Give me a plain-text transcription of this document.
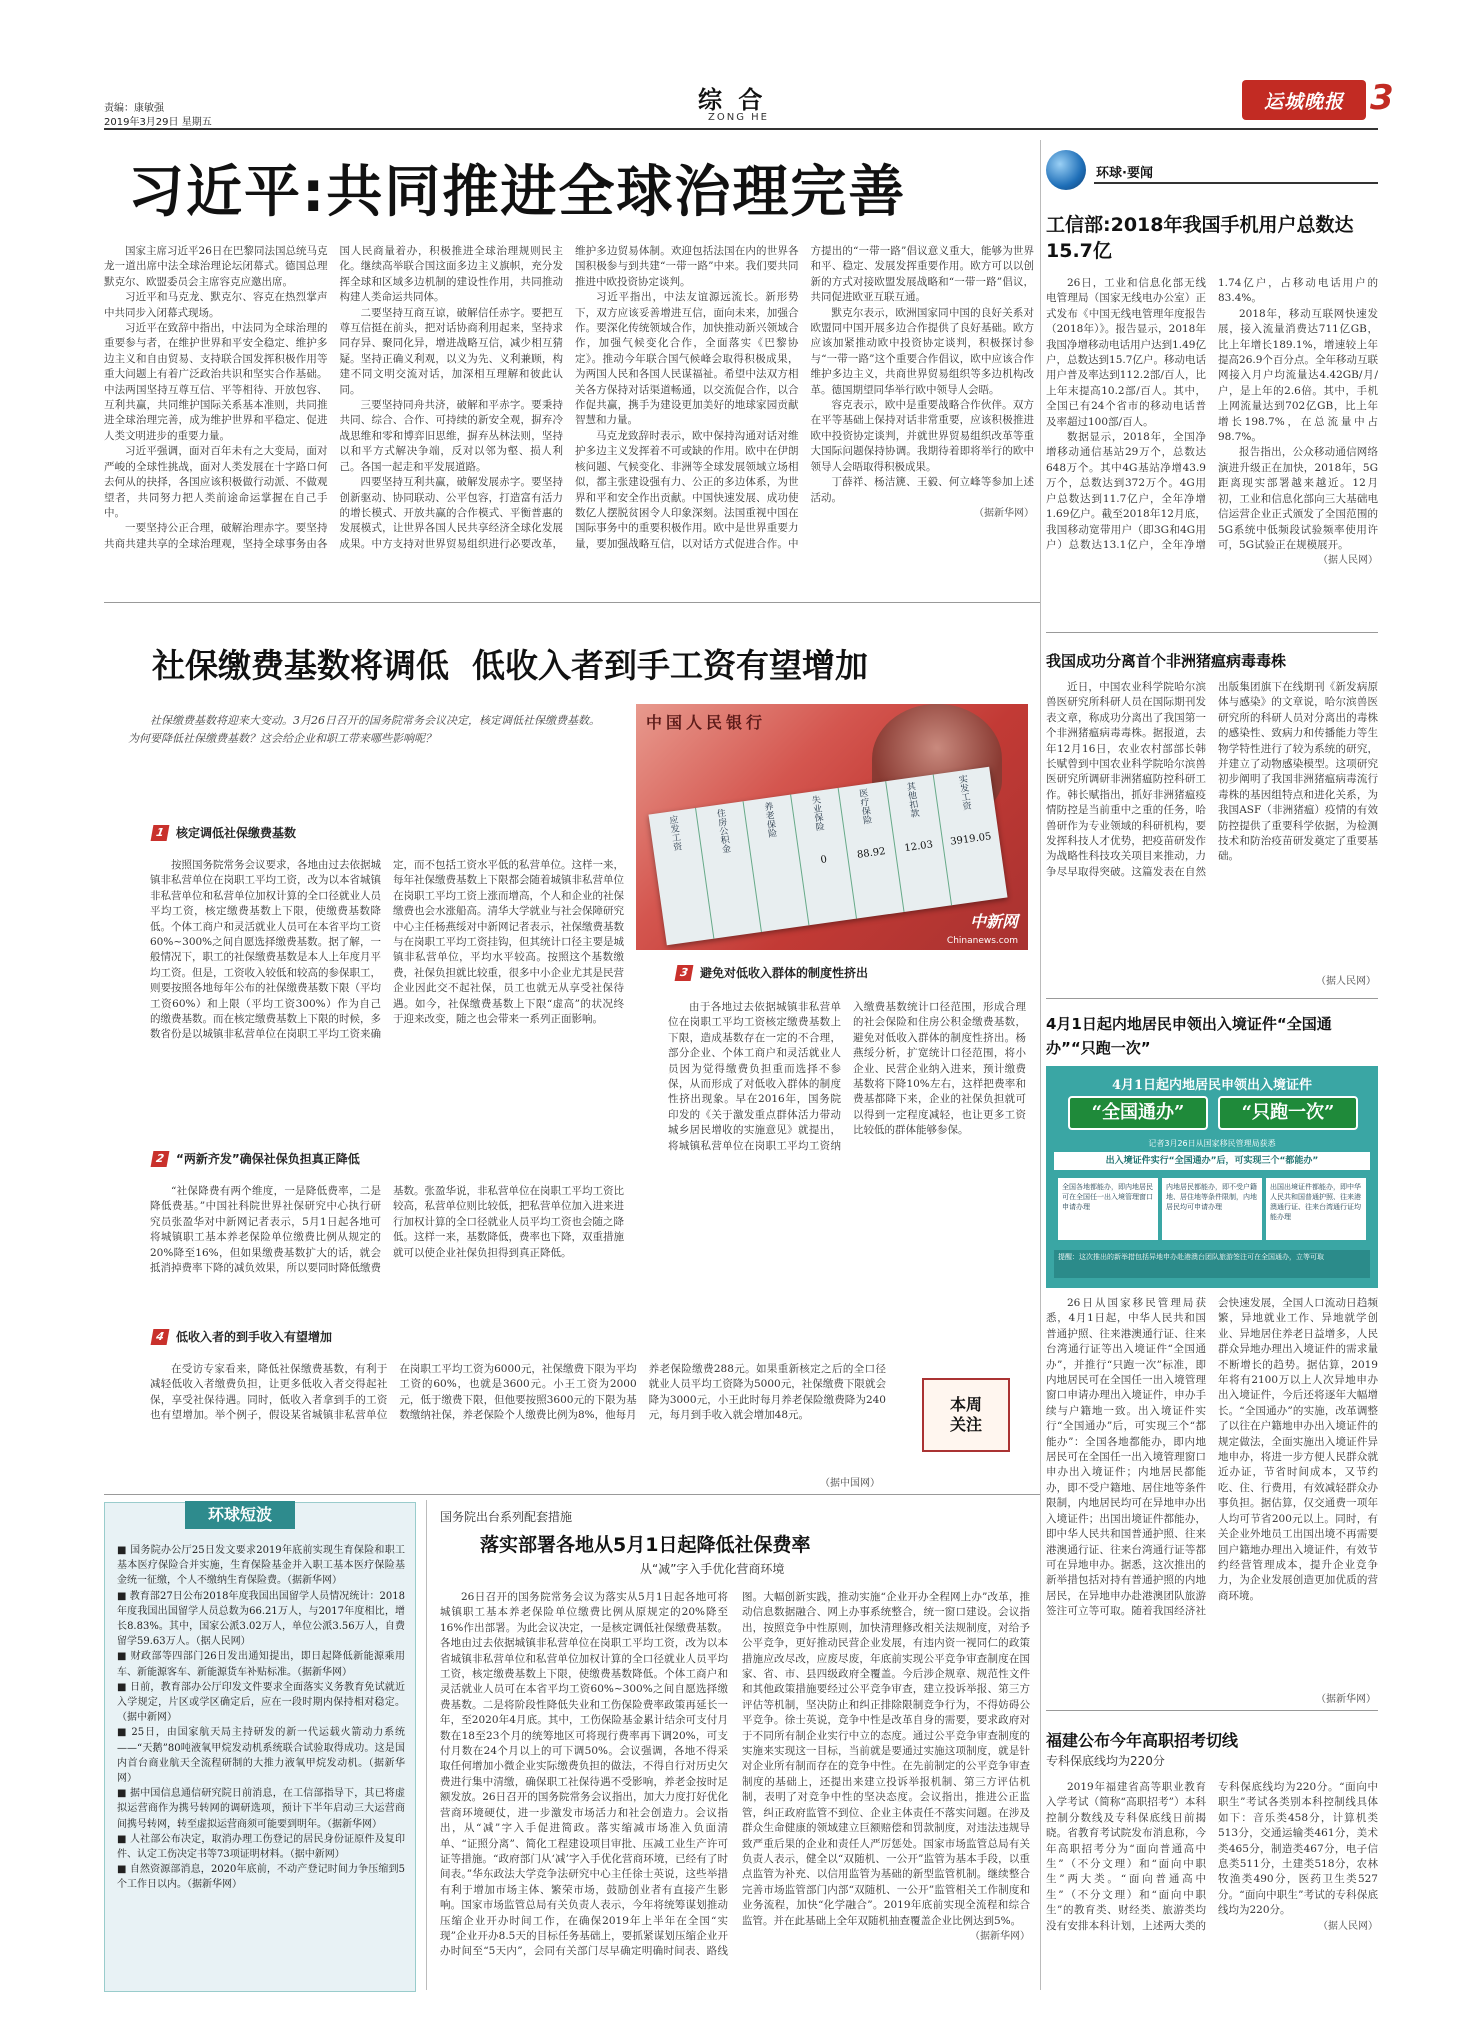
责编：康敏强
2019年3月29日 星期五
综 合
ZONG HE
运城晚报 3
习近平:共同推进全球治理完善

国家主席习近平26日在巴黎同法国总统马克龙一道出席中法全球治理论坛闭幕式。德国总理默克尔、欧盟委员会主席容克应邀出席。

习近平和马克龙、默克尔、容克在热烈掌声中共同步入闭幕式现场。

习近平在致辞中指出，中法同为全球治理的重要参与者，在维护世界和平安全稳定、维护多边主义和自由贸易、支持联合国发挥积极作用等重大问题上有着广泛政治共识和坚实合作基础。中法两国坚持互尊互信、平等相待、开放包容、互利共赢，共同维护国际关系基本准则，共同推进全球治理完善，成为维护世界和平稳定、促进人类文明进步的重要力量。

习近平强调，面对百年未有之大变局，面对严峻的全球性挑战，面对人类发展在十字路口何去何从的抉择，各国应该积极做行动派、不做观望者，共同努力把人类前途命运掌握在自己手中。

一要坚持公正合理，破解治理赤字。要坚持共商共建共享的全球治理观，坚持全球事务由各国人民商量着办，积极推进全球治理规则民主化。继续高举联合国这面多边主义旗帜，充分发挥全球和区域多边机制的建设性作用，共同推动构建人类命运共同体。

二要坚持互商互谅，破解信任赤字。要把互尊互信挺在前头，把对话协商利用起来，坚持求同存异、聚同化异，增进战略互信，减少相互猜疑。坚持正确义利观，以义为先、义利兼顾，构建不同文明交流对话，加深相互理解和彼此认同。

三要坚持同舟共济，破解和平赤字。要秉持共同、综合、合作、可持续的新安全观，摒弃冷战思维和零和博弈旧思维，摒弃丛林法则，坚持以和平方式解决争端，反对以邻为壑、损人利己。各国一起走和平发展道路。

四要坚持互利共赢，破解发展赤字。要坚持创新驱动、协同联动、公平包容，打造富有活力的增长模式、开放共赢的合作模式、平衡普惠的发展模式，让世界各国人民共享经济全球化发展成果。中方支持对世界贸易组织进行必要改革，维护多边贸易体制。欢迎包括法国在内的世界各国积极参与到共建“一带一路”中来。我们要共同推进中欧投资协定谈判。

习近平指出，中法友谊源远流长。新形势下，双方应该妥善增进互信，面向未来，加强合作。要深化传统领域合作，加快推动新兴领域合作，加强气候变化合作，全面落实《巴黎协定》。推动今年联合国气候峰会取得积极成果，为两国人民和各国人民谋福祉。希望中法双方相关各方保持对话渠道畅通，以交流促合作，以合作促共赢，携手为建设更加美好的地球家园贡献智慧和力量。

马克龙致辞时表示，欧中保持沟通对话对维护多边主义发挥着不可或缺的作用。欧中在伊朗核问题、气候变化、非洲等全球发展领域立场相似，都主张建设强有力、公正的多边体系，为世界和平和安全作出贡献。中国快速发展、成功使数亿人摆脱贫困令人印象深刻。法国重视中国在国际事务中的重要积极作用。欧中是世界重要力量，要加强战略互信，以对话方式促进合作。中方提出的“一带一路”倡议意义重大，能够为世界和平、稳定、发展发挥重要作用。欧方可以以创新的方式对接欧盟发展战略和“一带一路”倡议，共同促进欧亚互联互通。

默克尔表示，欧洲国家同中国的良好关系对欧盟同中国开展多边合作提供了良好基础。欧方应该加紧推动欧中投资协定谈判，积极探讨参与“一带一路”这个重要合作倡议，欧中应该合作维护多边主义，共商世界贸易组织等多边机构改革。德国期望同华举行欧中领导人会晤。

容克表示，欧中是重要战略合作伙伴。双方在平等基础上保持对话非常重要，应该积极推进欧中投资协定谈判，并就世界贸易组织改革等重大国际问题保持协调。我期待着即将举行的欧中领导人会晤取得积极成果。

丁薛祥、杨洁篪、王毅、何立峰等参加上述活动。

（据新华网）
环球·要闻
工信部:2018年我国手机用户总数达15.7亿

26日，工业和信息化部无线电管理局（国家无线电办公室）正式发布《中国无线电管理年度报告（2018年）》。报告显示，2018年我国净增移动电话用户达到1.49亿户，总数达到15.7亿户。移动电话用户普及率达到112.2部/百人，比上年末提高10.2部/百人。其中，全国已有24个省市的移动电话普及率超过100部/百人。

数据显示，2018年，全国净增移动通信基站29万个，总数达648万个。其中4G基站净增43.9万个，总数达到372万个。4G用户总数达到11.7亿户，全年净增1.69亿户。截至2018年12月底，我国移动宽带用户（即3G和4G用户）总数达13.1亿户，全年净增1.74亿户，占移动电话用户的83.4%。

2018年，移动互联网快速发展，接入流量消费达711亿GB，比上年增长189.1%，增速较上年提高26.9个百分点。全年移动互联网接入月户均流量达4.42GB/月/户，是上年的2.6倍。其中，手机上网流量达到702亿GB，比上年增长198.7%，在总流量中占98.7%。

报告指出，公众移动通信网络演进升级正在加快，2018年，5G距离现实部署越来越近。12月初，工业和信息化部向三大基础电信运营企业正式颁发了全国范围的5G系统中低频段试验频率使用许可，5G试验正在规模展开。

（据人民网）
社保缴费基数将调低  低收入者到手工资有望增加
社保缴费基数将迎来大变动。3月26日召开的国务院常务会议决定，核定调低社保缴费基数。为何要降低社保缴费基数？这会给企业和职工带来哪些影响呢？
中国人民银行
应发工资	住房公积金	养老保险	失业保险
0
医疗保险
88.92
其他扣款
12.03
实发工资
3919.05
中新网
Chinanews.com
1 核定调低社保缴费基数

按照国务院常务会议要求，各地由过去依据城镇非私营单位在岗职工平均工资，改为以本省城镇非私营单位和私营单位加权计算的全口径就业人员平均工资，核定缴费基数上下限，使缴费基数降低。个体工商户和灵活就业人员可在本省平均工资60%~300%之间自愿选择缴费基数。据了解，一般情况下，职工的社保缴费基数是本人上年度月平均工资。但是，工资收入较低和较高的参保职工，则要按照各地每年公布的社保缴费基数下限（平均工资60%）和上限（平均工资300%）作为自己的缴费基数。而在核定缴费基数上下限的时候，多数省份是以城镇非私营单位在岗职工平均工资来确定，而不包括工资水平低的私营单位。这样一来，每年社保缴费基数上下限都会随着城镇非私营单位在岗职工平均工资上涨而增高，个人和企业的社保缴费也会水涨船高。清华大学就业与社会保障研究中心主任杨燕绥对中新网记者表示，社保缴费基数与在岗职工平均工资挂钩，但其统计口径主要是城镇非私营单位，平均水平较高。按照这个基数缴费，社保负担就比较重，很多中小企业尤其是民营企业因此交不起社保，员工也就无从享受社保待遇。如今，社保缴费基数上下限“虚高”的状况终于迎来改变，随之也会带来一系列正面影响。

3 避免对低收入群体的制度性挤出

由于各地过去依据城镇非私营单位在岗职工平均工资核定缴费基数上下限，造成基数存在一定的不合理，部分企业、个体工商户和灵活就业人员因为觉得缴费负担重而选择不参保，从而形成了对低收入群体的制度性挤出现象。早在2016年，国务院印发的《关于激发重点群体活力带动城乡居民增收的实施意见》就提出，将城镇私营单位在岗职工平均工资纳入缴费基数统计口径范围，形成合理的社会保险和住房公积金缴费基数，避免对低收入群体的制度性挤出。杨燕绥分析，扩宽统计口径范围，将小企业、民营企业纳入进来，预计缴费基数将下降10%左右，这样把费率和费基都降下来，企业的社保负担就可以得到一定程度减轻，也让更多工资比较低的群体能够参保。

2 “两新齐发”确保社保负担真正降低

“社保降费有两个维度，一是降低费率，二是降低费基。”中国社科院世界社保研究中心执行研究员张盈华对中新网记者表示，5月1日起各地可将城镇职工基本养老保险单位缴费比例从规定的20%降至16%，但如果缴费基数扩大的话，就会抵消掉费率下降的减负效果，所以要同时降低缴费基数。张盈华说，非私营单位在岗职工平均工资比较高，私营单位则比较低，把私营单位加入进来进行加权计算的全口径就业人员平均工资也会随之降低。这样一来，基数降低，费率也下降，双重措施就可以使企业社保负担得到真正降低。

4 低收入者的到手收入有望增加

在受访专家看来，降低社保缴费基数，有利于减轻低收入者缴费负担，让更多低收入者交得起社保，享受社保待遇。同时，低收入者拿到手的工资也有望增加。举个例子，假设某省城镇非私营单位在岗职工平均工资为6000元，社保缴费下限为平均工资的60%，也就是3600元。小王工资为2000元，低于缴费下限，但他要按照3600元的下限为基数缴纳社保，养老保险个人缴费比例为8%，他每月养老保险缴费288元。如果重新核定之后的全口径就业人员平均工资降为5000元，社保缴费下限就会降为3000元，小王此时每月养老保险缴费降为240元，每月到手收入就会增加48元。

本周关注
（据中国网）
我国成功分离首个非洲猪瘟病毒毒株

近日，中国农业科学院哈尔滨兽医研究所科研人员在国际期刊发表文章，称成功分离出了我国第一个非洲猪瘟病毒毒株。据报道，去年12月16日，农业农村部部长韩长赋曾到中国农业科学院哈尔滨兽医研究所调研非洲猪瘟防控科研工作。韩长赋指出，抓好非洲猪瘟疫情防控是当前重中之重的任务，哈兽研作为专业领域的科研机构，要发挥科技人才优势，把疫苗研发作为战略性科技攻关项目来推动，力争尽早取得突破。这篇发表在自然出版集团旗下在线期刊《新发病原体与感染》的文章说，哈尔滨兽医研究所的科研人员对分离出的毒株的感染性、致病力和传播能力等生物学特性进行了较为系统的研究，并建立了动物感染模型。这项研究初步阐明了我国非洲猪瘟病毒流行毒株的基因组特点和进化关系，为我国ASF（非洲猪瘟）疫情的有效防控提供了重要科学依据，为检测技术和防治疫苗研发奠定了重要基础。

（据人民网）
4月1日起内地居民申领出入境证件“全国通办”“只跑一次”
4月1日起内地居民申领出入境证件
“全国通办”	“只跑一次”
记者3月26日从国家移民管理局获悉
出入境证件实行“全国通办”后，可实现三个“都能办”
全国各地都能办，即内地居民可在全国任一出入境管理窗口申请办理
内地居民都能办，即不受户籍地、居住地等条件限制，内地居民均可申请办理
出国出境证件都能办，即中华人民共和国普通护照、往来港澳通行证、往来台湾通行证均能办理
提醒：这次推出的新举措包括异地申办赴港澳台团队旅游签注可在全国通办，立等可取

26日从国家移民管理局获悉，4月1日起，中华人民共和国普通护照、往来港澳通行证、往来台湾通行证等出入境证件“全国通办”，并推行“只跑一次”标准，即内地居民可在全国任一出入境管理窗口申请办理出入境证件，申办手续与户籍地一致。出入境证件实行“全国通办”后，可实现三个“都能办”：全国各地都能办，即内地居民可在全国任一出入境管理窗口申办出入境证件；内地居民都能办，即不受户籍地、居住地等条件限制，内地居民均可在异地申办出入境证件；出国出境证件都能办，即中华人民共和国普通护照、往来港澳通行证、往来台湾通行证等都可在异地申办。据悉，这次推出的新举措包括对持有普通护照的内地居民，在异地申办赴港澳团队旅游签注可立等可取。随着我国经济社会快速发展，全国人口流动日趋频繁，异地就业工作、异地就学创业、异地居住养老日益增多，人民群众异地办理出入境证件的需求量不断增长的趋势。据估算，2019年将有2100万以上人次异地申办出入境证件，今后还将逐年大幅增长。“全国通办”的实施，改革调整了以往在户籍地申办出入境证件的规定做法，全面实施出入境证件异地申办，将进一步方便人民群众就近办证，节省时间成本，又节约吃、住、行费用，有效减轻群众办事负担。据估算，仅交通费一项年人均可节省200元以上。同时，有关企业外地员工出国出境不再需要回户籍地办理出入境证件，有效节约经营管理成本，提升企业竞争力，为企业发展创造更加优质的营商环境。

（据新华网）
环球短波

■ 国务院办公厅25日发文要求2019年底前实现生育保险和职工基本医疗保险合并实施，生育保险基金并入职工基本医疗保险基金统一征缴，个人不缴纳生育保险费。（据新华网）

■ 教育部27日公布2018年度我国出国留学人员情况统计：2018年度我国出国留学人员总数为66.21万人，与2017年度相比，增长8.83%。其中，国家公派3.02万人，单位公派3.56万人，自费留学59.63万人。（据人民网）

■ 财政部等四部门26日发出通知提出，即日起降低新能源乘用车、新能源客车、新能源货车补贴标准。（据新华网）

■ 日前，教育部办公厅印发文件要求全面落实义务教育免试就近入学规定，片区或学区确定后，应在一段时期内保持相对稳定。（据中新网）

■ 25日，由国家航天局主持研发的新一代运载火箭动力系统——“天鹅”80吨液氧甲烷发动机系统联合试验取得成功。这是国内首台商业航天全流程研制的大推力液氧甲烷发动机。（据新华网）

■ 据中国信息通信研究院日前消息，在工信部指导下，其已将虚拟运营商作为携号转网的调研选项，预计下半年启动三大运营商间携号转网，转至虚拟运营商须可能要到明年。（据新华网）

■ 人社部公布决定，取消办理工伤登记的居民身份证原件及复印件、认定工伤决定书等73项证明材料。（据中新网）

■ 自然资源部消息，2020年底前，不动产登记时间力争压缩到5个工作日以内。（据新华网）

国务院出台系列配套措施
落实部署各地从5月1日起降低社保费率
从“减”字入手优化营商环境

26日召开的国务院常务会议为落实从5月1日起各地可将城镇职工基本养老保险单位缴费比例从原规定的20%降至16%作出部署。为此会议决定，一是核定调低社保缴费基数。各地由过去依据城镇非私营单位在岗职工平均工资，改为以本省城镇非私营单位和私营单位加权计算的全口径就业人员平均工资，核定缴费基数上下限，使缴费基数降低。个体工商户和灵活就业人员可在本省平均工资60%~300%之间自愿选择缴费基数。二是将阶段性降低失业和工伤保险费率政策再延长一年，至2020年4月底。其中，工伤保险基金累计结余可支付月数在18至23个月的统筹地区可将现行费率再下调20%，可支付月数在24个月以上的可下调50%。会议强调，各地不得采取任何增加小微企业实际缴费负担的做法，不得自行对历史欠费进行集中清缴，确保职工社保待遇不受影响，养老金按时足额发放。26日召开的国务院常务会议指出，加大力度打好优化营商环境硬仗，进一步激发市场活力和社会创造力。会议指出，从“减”字入手促进简政。落实缩减市场准入负面清单、“证照分离”、简化工程建设项目审批、压减工业生产许可证等措施。“政府部门从‘减’字入手优化营商环境，已经有了时间表。”华东政法大学竞争法研究中心主任徐士英说，这些举措有利于增加市场主体、繁荣市场，鼓励创业者有直接产生影响。国家市场监管总局有关负责人表示，今年将统筹谋划推动压缩企业开办时间工作，在确保2019年上半年在全国“实现”企业开办8.5天的目标任务基础上，要抓紧谋划压缩企业开办时间至“5天内”，会同有关部门尽早确定明确时间表、路线图。大幅创新实践，推动实施“企业开办全程网上办”改革，推动信息数据融合、网上办事系统整合，统一窗口建设。会议指出，按照竞争中性原则，加快清理修改相关法规制度，对给予公平竞争，更好推动民营企业发展，有违内资一视同仁的政策措施应改尽改，应废尽废，年底前实现公平竞争审查制度在国家、省、市、县四级政府全覆盖。今后涉企规章、规范性文件和其他政策措施要经过公平竞争审查，建立投诉举报、第三方评估等机制，坚决防止和纠正排除限制竞争行为，不得妨碍公平竞争。徐士英说，竞争中性是改革自身的需要，要求政府对于不同所有制企业实行中立的态度。通过公平竞争审查制度的实施来实现这一目标，当前就是要通过实施这项制度，就是针对企业所有制而存在的竞争中性。在先前制定的公平竞争审查制度的基础上，还提出来建立投诉举报机制、第三方评估机制，表明了对竞争中性的坚决态度。会议指出，推进公正监管，纠正政府监管不到位、企业主体责任不落实问题。在涉及群众生命健康的领域建立巨额赔偿和罚款制度，对违法违规导致严重后果的企业和责任人严厉惩处。国家市场监管总局有关负责人表示，健全以“双随机、一公开”监管为基本手段，以重点监管为补充、以信用监管为基础的新型监管机制。继续整合完善市场监管部门内部“双随机、一公开”监管相关工作制度和业务流程，加快“化学融合”。2019年底前实现全流程和综合监管。并在此基础上全年双随机抽查覆盖企业比例达到5%。

（据新华网）
福建公布今年高职招考切线
专科保底线均为220分

2019年福建省高等职业教育入学考试（简称“高职招考”）本科控制分数线及专科保底线日前揭晓。省教育考试院发布消息称，今年高职招考分为“面向普通高中生”（不分文理）和“面向中职生”两大类。“面向普通高中生”（不分文理）和“面向中职生”的教育类、财经类、旅游类均没有安排本科计划，上述两大类的专科保底线均为220分。“面向中职生”考试各类别本科控制线具体如下：音乐类458分，计算机类513分，交通运输类461分，美术类465分，制造类467分，电子信息类511分，土建类518分，农林牧渔类490分，医药卫生类527分。“面向中职生”考试的专科保底线均为220分。

（据人民网）
